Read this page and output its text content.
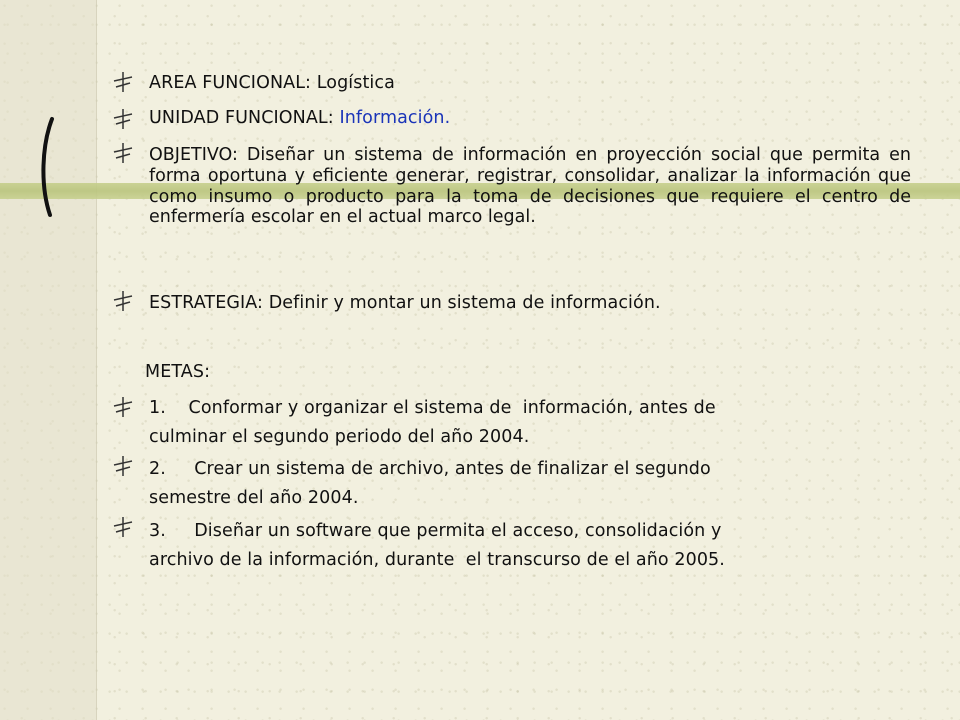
AREA FUNCIONAL: Logística
UNIDAD FUNCIONAL: Información.
OBJETIVO: Diseñar un sistema de información en proyección social que permita en forma oportuna y eficiente generar, registrar, consolidar, analizar la información que como insumo o producto para la toma de decisiones que requiere el centro de enfermería escolar en el actual marco legal.
ESTRATEGIA: Definir y montar un sistema de información.
METAS:
1.    Conformar y organizar el sistema de  información, antes de
culminar el segundo periodo del año 2004.
2.     Crear un sistema de archivo, antes de finalizar el segundo
semestre del año 2004.
3.     Diseñar un software que permita el acceso, consolidación y
archivo de la información, durante  el transcurso de el año 2005.
